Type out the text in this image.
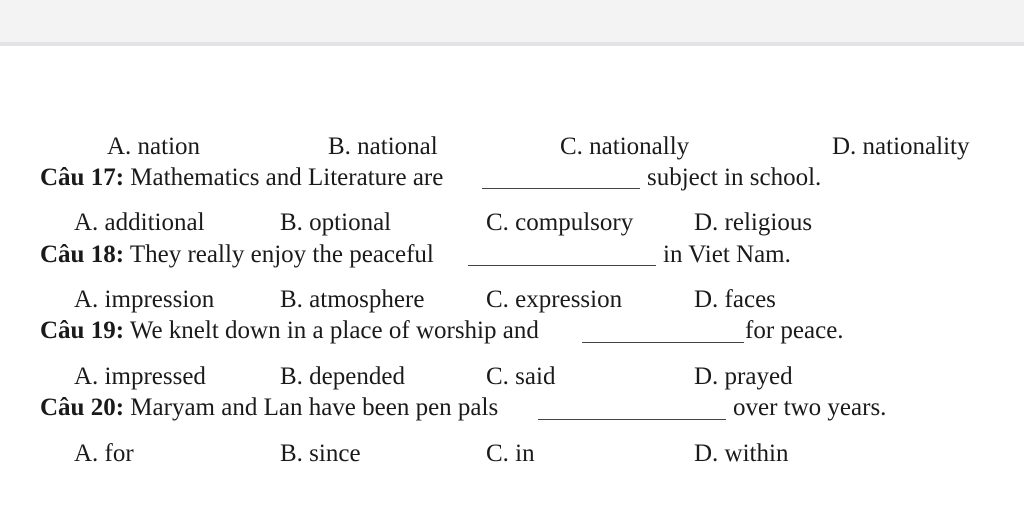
A. nation	B. national	C. nationally	D. nationality
Câu 17: Mathematics and Literature are	subject in school.
A. additional	B. optional	C. compulsory D. religious
Câu 18: They really enjoy the peaceful	in Viet Nam.
A. impression	B. atmosphere C. expression	D. faces
Câu 19: We knelt down in a place of worship and	for peace.
A. impressed	B. depended	C. said	D. prayed
Câu 20: Maryam and Lan have been pen pals	over two years.
A. for	B. since	C. in	D. within
